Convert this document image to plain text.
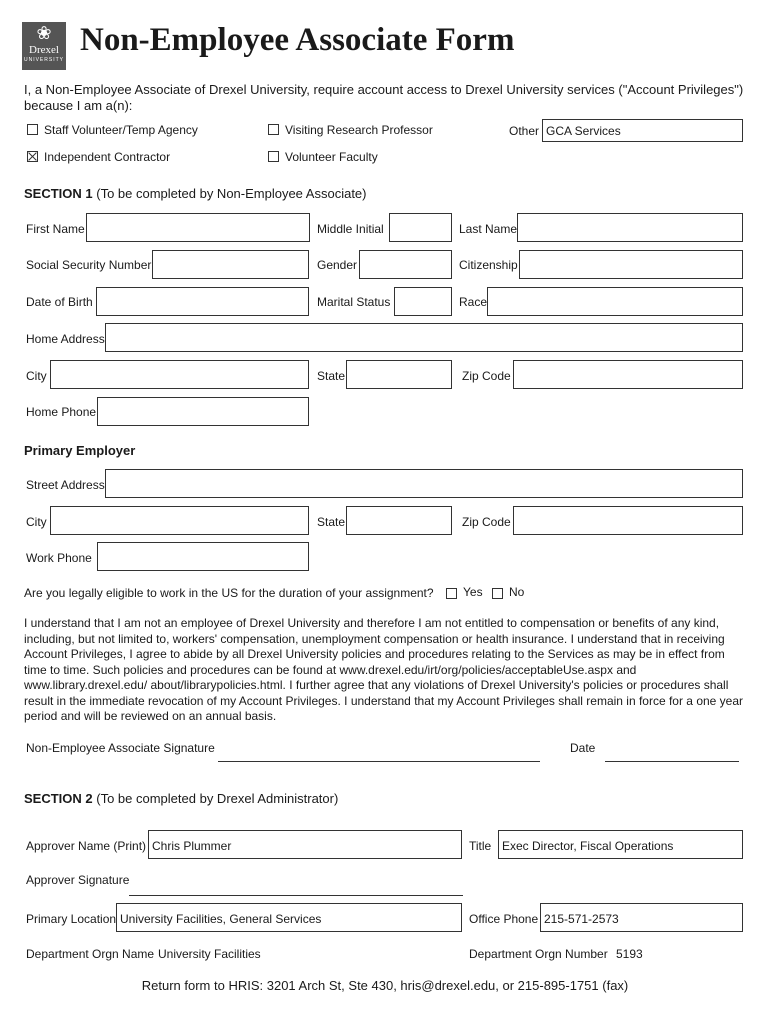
❀
Drexel
UNIVERSITY
Non-Employee Associate Form
I, a Non-Employee Associate of Drexel University, require account access to Drexel University services ("Account Privileges") because I am a(n):
Staff Volunteer/Temp Agency	Visiting Research Professor	Other GCA Services
Independent Contractor	Volunteer Faculty
SECTION 1 (To be completed by Non-Employee Associate)
First Name	Middle Initial	Last Name
Social Security Number	Gender	Citizenship
Date of Birth	Marital Status	Race
Home Address
City	State	Zip Code
Home Phone
Primary Employer
Street Address
City	State	Zip Code
Work Phone
Are you legally eligible to work in the US for the duration of your assignment? Yes No
I understand that I am not an employee of Drexel University and therefore I am not entitled to compensation or benefits of any kind, including, but not limited to, workers' compensation, unemployment compensation or health insurance. I understand that in receiving Account Privileges, I agree to abide by all Drexel University policies and procedures relating to the Services as may be in effect from time to time. Such policies and procedures can be found at www.drexel.edu/irt/org/policies/acceptableUse.aspx and www.library.drexel.edu/ about/librarypolicies.html. I further agree that any violations of Drexel University's policies or procedures shall result in the immediate revocation of my Account Privileges. I understand that my Account Privileges shall remain in force for a one year period and will be reviewed on an annual basis.
Non-Employee Associate Signature	Date
SECTION 2 (To be completed by Drexel Administrator)
Approver Name (Print) Chris Plummer	Title Exec Director, Fiscal Operations
Approver Signature
Primary Location University Facilities, General Services	Office Phone 215-571-2573
Department Orgn Name University Facilities	Department Orgn Number 5193
Return form to HRIS: 3201 Arch St, Ste 430, hris@drexel.edu, or 215-895-1751 (fax)
